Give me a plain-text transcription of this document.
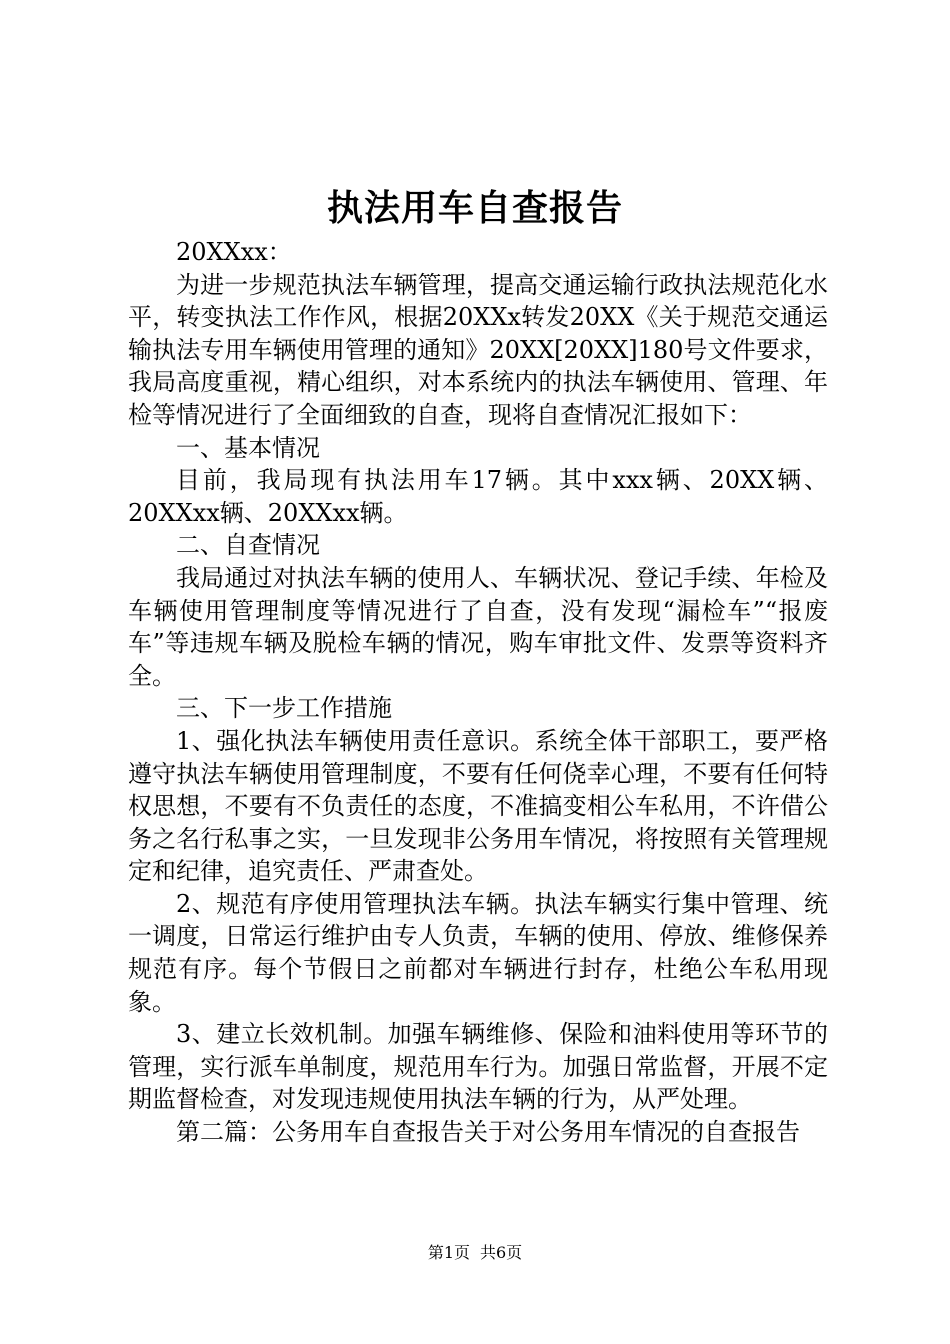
执法用车自查报告

20XXxx：

为进一步规范执法车辆管理，提高交通运输行政执法规范化水平，转变执法工作作风，根据20XXx转发20XX《关于规范交通运输执法专用车辆使用管理的通知》20XX[20XX]180号文件要求，我局高度重视，精心组织，对本系统内的执法车辆使用、管理、年检等情况进行了全面细致的自查，现将自查情况汇报如下：

一、基本情况

目前，我局现有执法用车17辆。其中xxx辆、20XX辆、20XXxx辆、20XXxx辆。

二、自查情况

我局通过对执法车辆的使用人、车辆状况、登记手续、年检及车辆使用管理制度等情况进行了自查，没有发现“漏检车”“报废车”等违规车辆及脱检车辆的情况，购车审批文件、发票等资料齐全。

三、下一步工作措施

1、强化执法车辆使用责任意识。系统全体干部职工，要严格遵守执法车辆使用管理制度，不要有任何侥幸心理，不要有任何特权思想，不要有不负责任的态度，不准搞变相公车私用，不许借公务之名行私事之实，一旦发现非公务用车情况，将按照有关管理规定和纪律，追究责任、严肃查处。

2、规范有序使用管理执法车辆。执法车辆实行集中管理、统一调度，日常运行维护由专人负责，车辆的使用、停放、维修保养规范有序。每个节假日之前都对车辆进行封存，杜绝公车私用现象。

3、建立长效机制。加强车辆维修、保险和油料使用等环节的管理，实行派车单制度，规范用车行为。加强日常监督，开展不定期监督检查，对发现违规使用执法车辆的行为，从严处理。

第二篇：公务用车自查报告关于对公务用车情况的自查报告

第1页 共6页
